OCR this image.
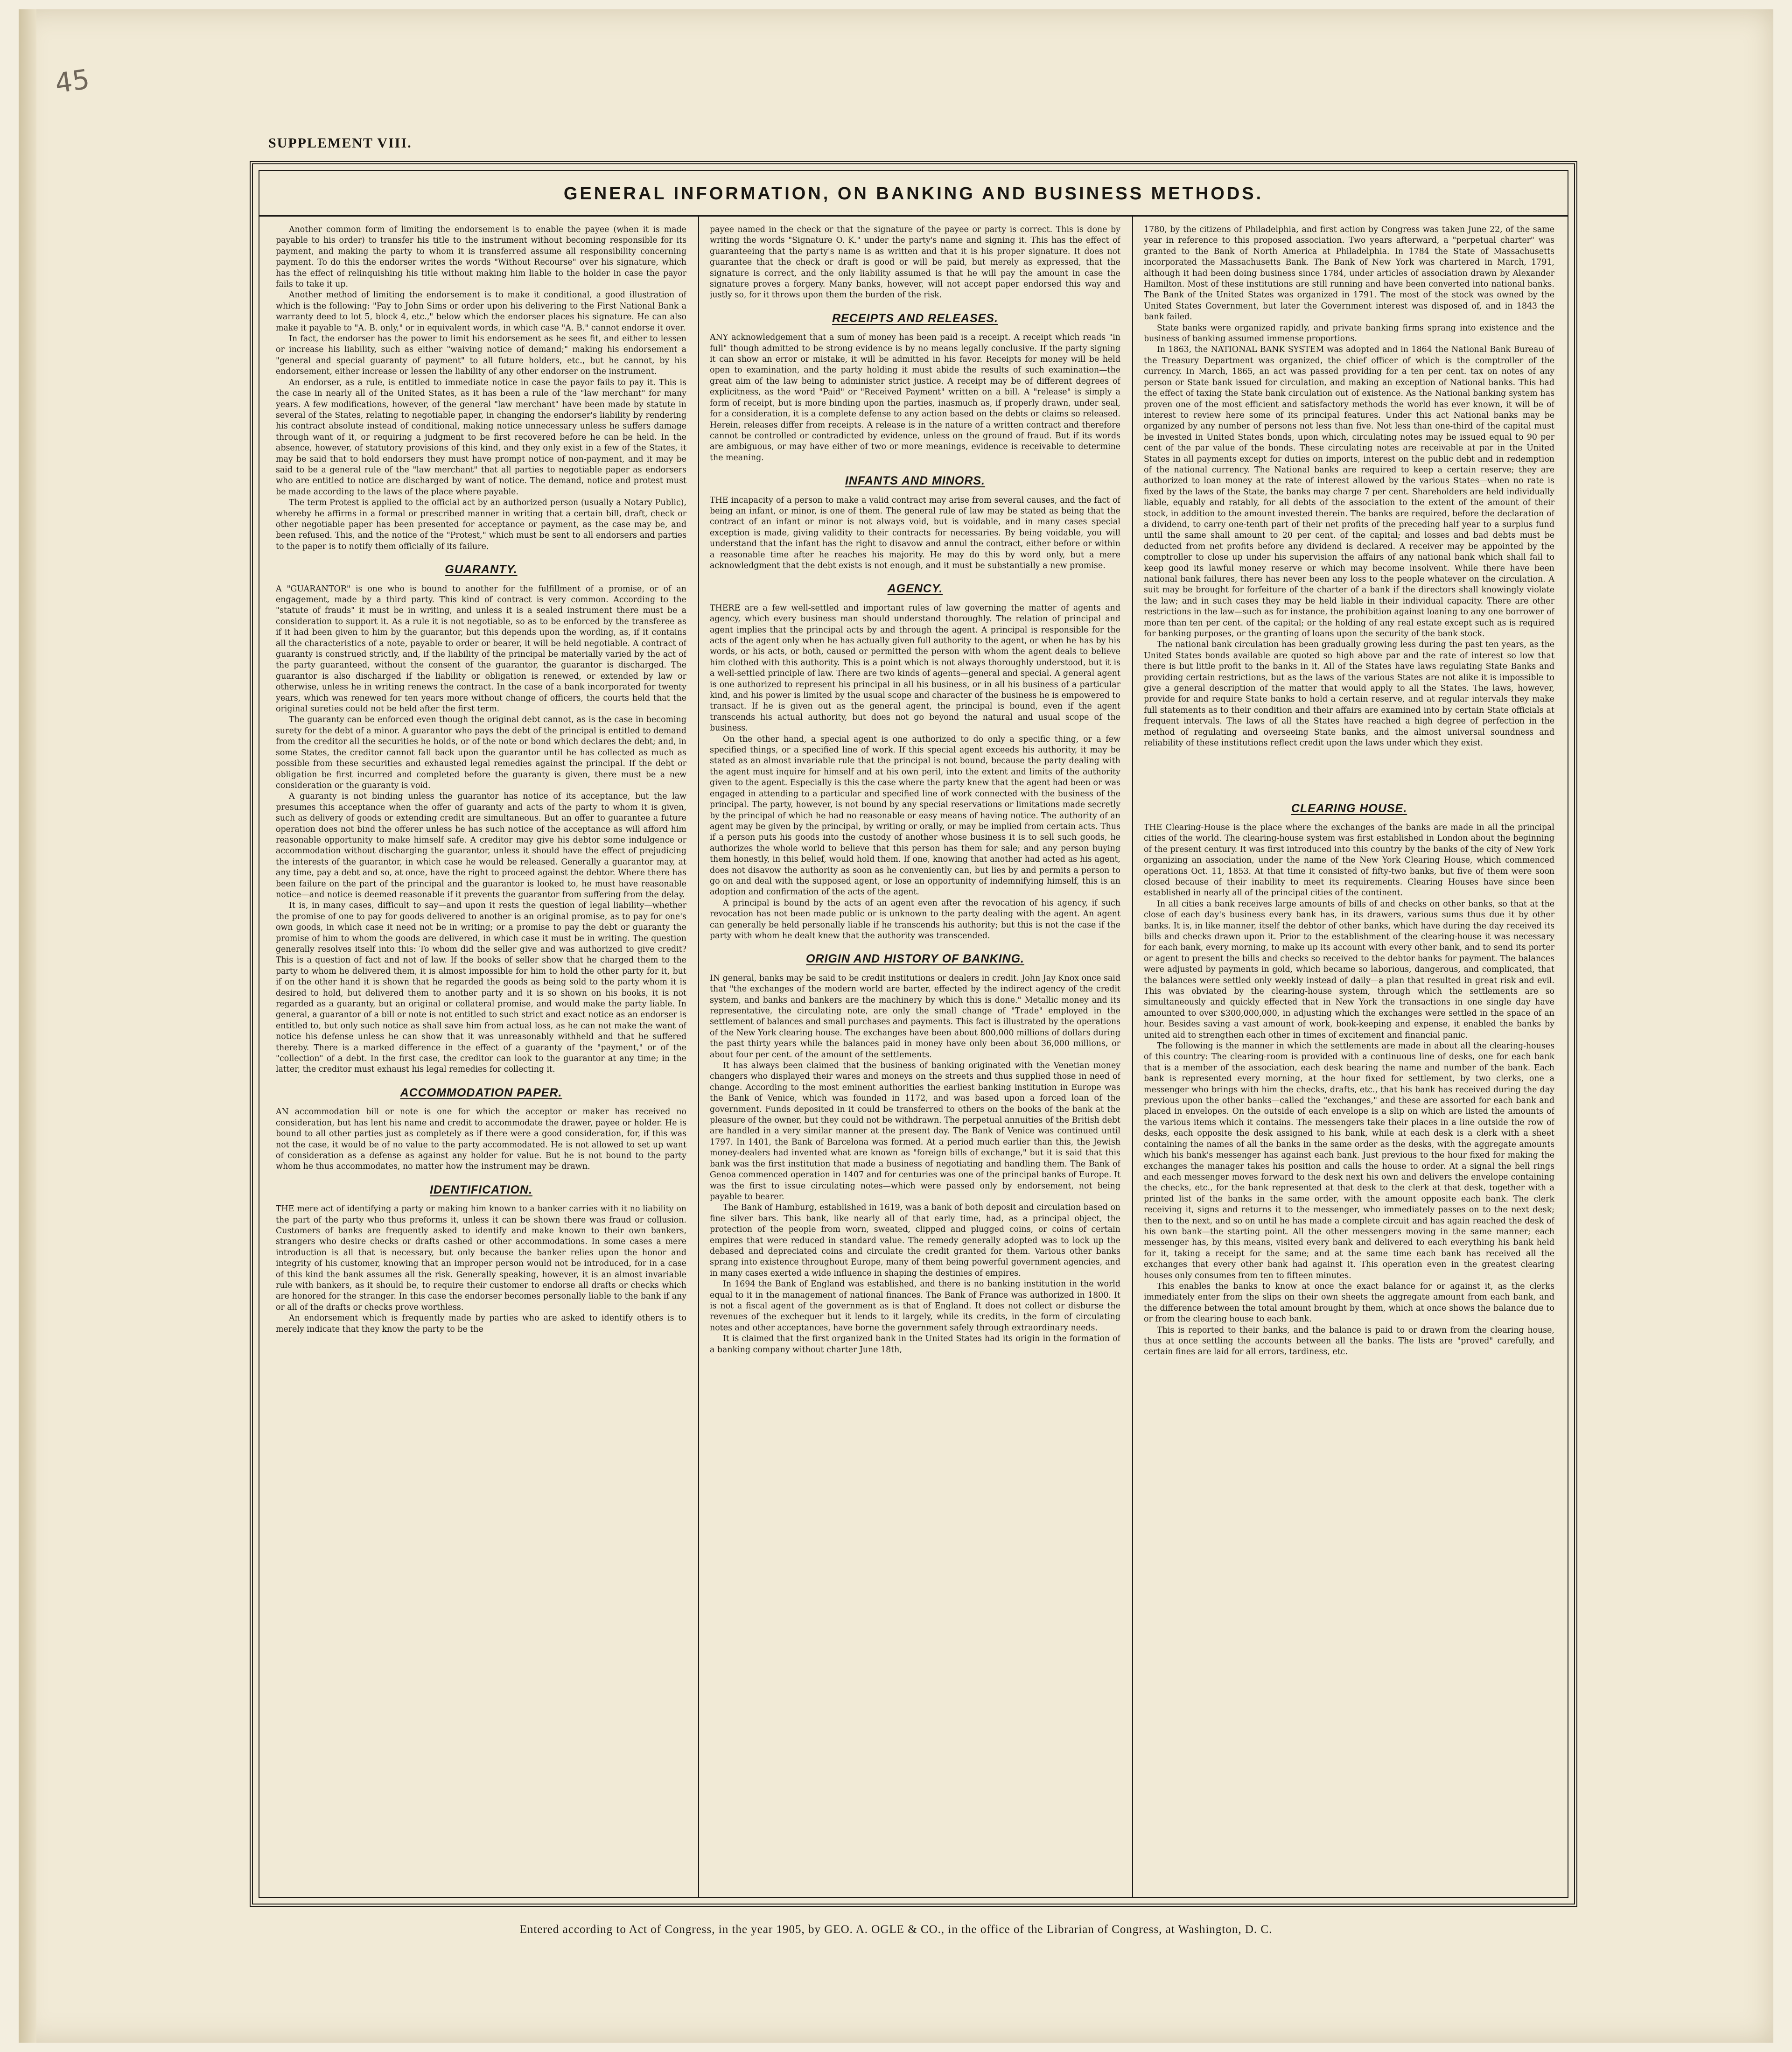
45
SUPPLEMENT VIII.
GENERAL INFORMATION, ON BANKING AND BUSINESS METHODS.

Another common form of limiting the endorsement is to enable the payee (when it is made payable to his order) to transfer his title to the instrument without becoming responsible for its payment, and making the party to whom it is transferred assume all responsibility concerning payment. To do this the endorser writes the words "Without Recourse" over his signature, which has the effect of relinquishing his title without making him liable to the holder in case the payor fails to take it up.

Another method of limiting the endorsement is to make it conditional, a good illustration of which is the following: "Pay to John Sims or order upon his delivering to the First National Bank a warranty deed to lot 5, block 4, etc.," below which the endorser places his signature. He can also make it payable to "A. B. only," or in equivalent words, in which case "A. B." cannot endorse it over.

In fact, the endorser has the power to limit his endorsement as he sees fit, and either to lessen or increase his liability, such as either "waiving notice of demand;" making his endorsement a "general and special guaranty of payment" to all future holders, etc., but he cannot, by his endorsement, either increase or lessen the liability of any other endorser on the instrument.

An endorser, as a rule, is entitled to immediate notice in case the payor fails to pay it. This is the case in nearly all of the United States, as it has been a rule of the "law merchant" for many years. A few modifications, however, of the general "law merchant" have been made by statute in several of the States, relating to negotiable paper, in changing the endorser's liability by rendering his contract absolute instead of conditional, making notice unnecessary unless he suffers damage through want of it, or requiring a judgment to be first recovered before he can be held. In the absence, however, of statutory provisions of this kind, and they only exist in a few of the States, it may be said that to hold endorsers they must have prompt notice of non-payment, and it may be said to be a general rule of the "law merchant" that all parties to negotiable paper as endorsers who are entitled to notice are discharged by want of notice. The demand, notice and protest must be made according to the laws of the place where payable.

The term Protest is applied to the official act by an authorized person (usually a Notary Public), whereby he affirms in a formal or prescribed manner in writing that a certain bill, draft, check or other negotiable paper has been presented for acceptance or payment, as the case may be, and been refused. This, and the notice of the "Protest," which must be sent to all endorsers and parties to the paper is to notify them officially of its failure.

GUARANTY.

A "GUARANTOR" is one who is bound to another for the fulfillment of a promise, or of an engagement, made by a third party. This kind of contract is very common. According to the "statute of frauds" it must be in writing, and unless it is a sealed instrument there must be a consideration to support it. As a rule it is not negotiable, so as to be enforced by the transferee as if it had been given to him by the guarantor, but this depends upon the wording, as, if it contains all the characteristics of a note, payable to order or bearer, it will be held negotiable. A contract of guaranty is construed strictly, and, if the liability of the principal be materially varied by the act of the party guaranteed, without the consent of the guarantor, the guarantor is discharged. The guarantor is also discharged if the liability or obligation is renewed, or extended by law or otherwise, unless he in writing renews the contract. In the case of a bank incorporated for twenty years, which was renewed for ten years more without change of officers, the courts held that the original sureties could not be held after the first term.

The guaranty can be enforced even though the original debt cannot, as is the case in becoming surety for the debt of a minor. A guarantor who pays the debt of the principal is entitled to demand from the creditor all the securities he holds, or of the note or bond which declares the debt; and, in some States, the creditor cannot fall back upon the guarantor until he has collected as much as possible from these securities and exhausted legal remedies against the principal. If the debt or obligation be first incurred and completed before the guaranty is given, there must be a new consideration or the guaranty is void.

A guaranty is not binding unless the guarantor has notice of its acceptance, but the law presumes this acceptance when the offer of guaranty and acts of the party to whom it is given, such as delivery of goods or extending credit are simultaneous. But an offer to guarantee a future operation does not bind the offerer unless he has such notice of the acceptance as will afford him reasonable opportunity to make himself safe. A creditor may give his debtor some indulgence or accommodation without discharging the guarantor, unless it should have the effect of prejudicing the interests of the guarantor, in which case he would be released. Generally a guarantor may, at any time, pay a debt and so, at once, have the right to proceed against the debtor. Where there has been failure on the part of the principal and the guarantor is looked to, he must have reasonable notice—and notice is deemed reasonable if it prevents the guarantor from suffering from the delay.

It is, in many cases, difficult to say—and upon it rests the question of legal liability—whether the promise of one to pay for goods delivered to another is an original promise, as to pay for one's own goods, in which case it need not be in writing; or a promise to pay the debt or guaranty the promise of him to whom the goods are delivered, in which case it must be in writing. The question generally resolves itself into this: To whom did the seller give and was authorized to give credit? This is a question of fact and not of law. If the books of seller show that he charged them to the party to whom he delivered them, it is almost impossible for him to hold the other party for it, but if on the other hand it is shown that he regarded the goods as being sold to the party whom it is desired to hold, but delivered them to another party and it is so shown on his books, it is not regarded as a guaranty, but an original or collateral promise, and would make the party liable. In general, a guarantor of a bill or note is not entitled to such strict and exact notice as an endorser is entitled to, but only such notice as shall save him from actual loss, as he can not make the want of notice his defense unless he can show that it was unreasonably withheld and that he suffered thereby. There is a marked difference in the effect of a guaranty of the "payment," or of the "collection" of a debt. In the first case, the creditor can look to the guarantor at any time; in the latter, the creditor must exhaust his legal remedies for collecting it.

ACCOMMODATION PAPER.

AN accommodation bill or note is one for which the acceptor or maker has received no consideration, but has lent his name and credit to accommodate the drawer, payee or holder. He is bound to all other parties just as completely as if there were a good consideration, for, if this was not the case, it would be of no value to the party accommodated. He is not allowed to set up want of consideration as a defense as against any holder for value. But he is not bound to the party whom he thus accommodates, no matter how the instrument may be drawn.

IDENTIFICATION.

THE mere act of identifying a party or making him known to a banker carries with it no liability on the part of the party who thus preforms it, unless it can be shown there was fraud or collusion. Customers of banks are frequently asked to identify and make known to their own bankers, strangers who desire checks or drafts cashed or other accommodations. In some cases a mere introduction is all that is necessary, but only because the banker relies upon the honor and integrity of his customer, knowing that an improper person would not be introduced, for in a case of this kind the bank assumes all the risk. Generally speaking, however, it is an almost invariable rule with bankers, as it should be, to require their customer to endorse all drafts or checks which are honored for the stranger. In this case the endorser becomes personally liable to the bank if any or all of the drafts or checks prove worthless.

An endorsement which is frequently made by parties who are asked to identify others is to merely indicate that they know the party to be the

payee named in the check or that the signature of the payee or party is correct. This is done by writing the words "Signature O. K." under the party's name and signing it. This has the effect of guaranteeing that the party's name is as written and that it is his proper signature. It does not guarantee that the check or draft is good or will be paid, but merely as expressed, that the signature is correct, and the only liability assumed is that he will pay the amount in case the signature proves a forgery. Many banks, however, will not accept paper endorsed this way and justly so, for it throws upon them the burden of the risk.

RECEIPTS AND RELEASES.

ANY acknowledgement that a sum of money has been paid is a receipt. A receipt which reads "in full" though admitted to be strong evidence is by no means legally conclusive. If the party signing it can show an error or mistake, it will be admitted in his favor. Receipts for money will be held open to examination, and the party holding it must abide the results of such examination—the great aim of the law being to administer strict justice. A receipt may be of different degrees of explicitness, as the word "Paid" or "Received Payment" written on a bill. A "release" is simply a form of receipt, but is more binding upon the parties, inasmuch as, if properly drawn, under seal, for a consideration, it is a complete defense to any action based on the debts or claims so released. Herein, releases differ from receipts. A release is in the nature of a written contract and therefore cannot be controlled or contradicted by evidence, unless on the ground of fraud. But if its words are ambiguous, or may have either of two or more meanings, evidence is receivable to determine the meaning.

INFANTS AND MINORS.

THE incapacity of a person to make a valid contract may arise from several causes, and the fact of being an infant, or minor, is one of them. The general rule of law may be stated as being that the contract of an infant or minor is not always void, but is voidable, and in many cases special exception is made, giving validity to their contracts for necessaries. By being voidable, you will understand that the infant has the right to disavow and annul the contract, either before or within a reasonable time after he reaches his majority. He may do this by word only, but a mere acknowledgment that the debt exists is not enough, and it must be substantially a new promise.

AGENCY.

THERE are a few well-settled and important rules of law governing the matter of agents and agency, which every business man should understand thoroughly. The relation of principal and agent implies that the principal acts by and through the agent. A principal is responsible for the acts of the agent only when he has actually given full authority to the agent, or when he has by his words, or his acts, or both, caused or permitted the person with whom the agent deals to believe him clothed with this authority. This is a point which is not always thoroughly understood, but it is a well-settled principle of law. There are two kinds of agents—general and special. A general agent is one authorized to represent his principal in all his business, or in all his business of a particular kind, and his power is limited by the usual scope and character of the business he is empowered to transact. If he is given out as the general agent, the principal is bound, even if the agent transcends his actual authority, but does not go beyond the natural and usual scope of the business.

On the other hand, a special agent is one authorized to do only a specific thing, or a few specified things, or a specified line of work. If this special agent exceeds his authority, it may be stated as an almost invariable rule that the principal is not bound, because the party dealing with the agent must inquire for himself and at his own peril, into the extent and limits of the authority given to the agent. Especially is this the case where the party knew that the agent had been or was engaged in attending to a particular and specified line of work connected with the business of the principal. The party, however, is not bound by any special reservations or limitations made secretly by the principal of which he had no reasonable or easy means of having notice. The authority of an agent may be given by the principal, by writing or orally, or may be implied from certain acts. Thus if a person puts his goods into the custody of another whose business it is to sell such goods, he authorizes the whole world to believe that this person has them for sale; and any person buying them honestly, in this belief, would hold them. If one, knowing that another had acted as his agent, does not disavow the authority as soon as he conveniently can, but lies by and permits a person to go on and deal with the supposed agent, or lose an opportunity of indemnifying himself, this is an adoption and confirmation of the acts of the agent.

A principal is bound by the acts of an agent even after the revocation of his agency, if such revocation has not been made public or is unknown to the party dealing with the agent. An agent can generally be held personally liable if he transcends his authority; but this is not the case if the party with whom he dealt knew that the authority was transcended.

ORIGIN AND HISTORY OF BANKING.

IN general, banks may be said to be credit institutions or dealers in credit. John Jay Knox once said that "the exchanges of the modern world are barter, effected by the indirect agency of the credit system, and banks and bankers are the machinery by which this is done." Metallic money and its representative, the circulating note, are only the small change of "Trade" employed in the settlement of balances and small purchases and payments. This fact is illustrated by the operations of the New York clearing house. The exchanges have been about 800,000 millions of dollars during the past thirty years while the balances paid in money have only been about 36,000 millions, or about four per cent. of the amount of the settlements.

It has always been claimed that the business of banking originated with the Venetian money changers who displayed their wares and moneys on the streets and thus supplied those in need of change. According to the most eminent authorities the earliest banking institution in Europe was the Bank of Venice, which was founded in 1172, and was based upon a forced loan of the government. Funds deposited in it could be transferred to others on the books of the bank at the pleasure of the owner, but they could not be withdrawn. The perpetual annuities of the British debt are handled in a very similar manner at the present day. The Bank of Venice was continued until 1797. In 1401, the Bank of Barcelona was formed. At a period much earlier than this, the Jewish money-dealers had invented what are known as "foreign bills of exchange," but it is said that this bank was the first institution that made a business of negotiating and handling them. The Bank of Genoa commenced operation in 1407 and for centuries was one of the principal banks of Europe. It was the first to issue circulating notes—which were passed only by endorsement, not being payable to bearer.

The Bank of Hamburg, established in 1619, was a bank of both deposit and circulation based on fine silver bars. This bank, like nearly all of that early time, had, as a principal object, the protection of the people from worn, sweated, clipped and plugged coins, or coins of certain empires that were reduced in standard value. The remedy generally adopted was to lock up the debased and depreciated coins and circulate the credit granted for them. Various other banks sprang into existence throughout Europe, many of them being powerful government agencies, and in many cases exerted a wide influence in shaping the destinies of empires.

In 1694 the Bank of England was established, and there is no banking institution in the world equal to it in the management of national finances. The Bank of France was authorized in 1800. It is not a fiscal agent of the government as is that of England. It does not collect or disburse the revenues of the exchequer but it lends to it largely, while its credits, in the form of circulating notes and other acceptances, have borne the government safely through extraordinary needs.

It is claimed that the first organized bank in the United States had its origin in the formation of a banking company without charter June 18th,

1780, by the citizens of Philadelphia, and first action by Congress was taken June 22, of the same year in reference to this proposed association. Two years afterward, a "perpetual charter" was granted to the Bank of North America at Philadelphia. In 1784 the State of Massachusetts incorporated the Massachusetts Bank. The Bank of New York was chartered in March, 1791, although it had been doing business since 1784, under articles of association drawn by Alexander Hamilton. Most of these institutions are still running and have been converted into national banks. The Bank of the United States was organized in 1791. The most of the stock was owned by the United States Government, but later the Government interest was disposed of, and in 1843 the bank failed.

State banks were organized rapidly, and private banking firms sprang into existence and the business of banking assumed immense proportions.

In 1863, the NATIONAL BANK SYSTEM was adopted and in 1864 the National Bank Bureau of the Treasury Department was organized, the chief officer of which is the comptroller of the currency. In March, 1865, an act was passed providing for a ten per cent. tax on notes of any person or State bank issued for circulation, and making an exception of National banks. This had the effect of taxing the State bank circulation out of existence. As the National banking system has proven one of the most efficient and satisfactory methods the world has ever known, it will be of interest to review here some of its principal features. Under this act National banks may be organized by any number of persons not less than five. Not less than one-third of the capital must be invested in United States bonds, upon which, circulating notes may be issued equal to 90 per cent of the par value of the bonds. These circulating notes are receivable at par in the United States in all payments except for duties on imports, interest on the public debt and in redemption of the national currency. The National banks are required to keep a certain reserve; they are authorized to loan money at the rate of interest allowed by the various States—when no rate is fixed by the laws of the State, the banks may charge 7 per cent. Shareholders are held individually liable, equably and ratably, for all debts of the association to the extent of the amount of their stock, in addition to the amount invested therein. The banks are required, before the declaration of a dividend, to carry one-tenth part of their net profits of the preceding half year to a surplus fund until the same shall amount to 20 per cent. of the capital; and losses and bad debts must be deducted from net profits before any dividend is declared. A receiver may be appointed by the comptroller to close up under his supervision the affairs of any national bank which shall fail to keep good its lawful money reserve or which may become insolvent. While there have been national bank failures, there has never been any loss to the people whatever on the circulation. A suit may be brought for forfeiture of the charter of a bank if the directors shall knowingly violate the law; and in such cases they may be held liable in their individual capacity. There are other restrictions in the law—such as for instance, the prohibition against loaning to any one borrower of more than ten per cent. of the capital; or the holding of any real estate except such as is required for banking purposes, or the granting of loans upon the security of the bank stock.

The national bank circulation has been gradually growing less during the past ten years, as the United States bonds available are quoted so high above par and the rate of interest so low that there is but little profit to the banks in it. All of the States have laws regulating State Banks and providing certain restrictions, but as the laws of the various States are not alike it is impossible to give a general description of the matter that would apply to all the States. The laws, however, provide for and require State banks to hold a certain reserve, and at regular intervals they make full statements as to their condition and their affairs are examined into by certain State officials at frequent intervals. The laws of all the States have reached a high degree of perfection in the method of regulating and overseeing State banks, and the almost universal soundness and reliability of these institutions reflect credit upon the laws under which they exist.

CLEARING HOUSE.

THE Clearing-House is the place where the exchanges of the banks are made in all the principal cities of the world. The clearing-house system was first established in London about the beginning of the present century. It was first introduced into this country by the banks of the city of New York organizing an association, under the name of the New York Clearing House, which commenced operations Oct. 11, 1853. At that time it consisted of fifty-two banks, but five of them were soon closed because of their inability to meet its requirements. Clearing Houses have since been established in nearly all of the principal cities of the continent.

In all cities a bank receives large amounts of bills of and checks on other banks, so that at the close of each day's business every bank has, in its drawers, various sums thus due it by other banks. It is, in like manner, itself the debtor of other banks, which have during the day received its bills and checks drawn upon it. Prior to the establishment of the clearing-house it was necessary for each bank, every morning, to make up its account with every other bank, and to send its porter or agent to present the bills and checks so received to the debtor banks for payment. The balances were adjusted by payments in gold, which became so laborious, dangerous, and complicated, that the balances were settled only weekly instead of daily—a plan that resulted in great risk and evil. This was obviated by the clearing-house system, through which the settlements are so simultaneously and quickly effected that in New York the transactions in one single day have amounted to over $300,000,000, in adjusting which the exchanges were settled in the space of an hour. Besides saving a vast amount of work, book-keeping and expense, it enabled the banks by united aid to strengthen each other in times of excitement and financial panic.

The following is the manner in which the settlements are made in about all the clearing-houses of this country: The clearing-room is provided with a continuous line of desks, one for each bank that is a member of the association, each desk bearing the name and number of the bank. Each bank is represented every morning, at the hour fixed for settlement, by two clerks, one a messenger who brings with him the checks, drafts, etc., that his bank has received during the day previous upon the other banks—called the "exchanges," and these are assorted for each bank and placed in envelopes. On the outside of each envelope is a slip on which are listed the amounts of the various items which it contains. The messengers take their places in a line outside the row of desks, each opposite the desk assigned to his bank, while at each desk is a clerk with a sheet containing the names of all the banks in the same order as the desks, with the aggregate amounts which his bank's messenger has against each bank. Just previous to the hour fixed for making the exchanges the manager takes his position and calls the house to order. At a signal the bell rings and each messenger moves forward to the desk next his own and delivers the envelope containing the checks, etc., for the bank represented at that desk to the clerk at that desk, together with a printed list of the banks in the same order, with the amount opposite each bank. The clerk receiving it, signs and returns it to the messenger, who immediately passes on to the next desk; then to the next, and so on until he has made a complete circuit and has again reached the desk of his own bank—the starting point. All the other messengers moving in the same manner; each messenger has, by this means, visited every bank and delivered to each everything his bank held for it, taking a receipt for the same; and at the same time each bank has received all the exchanges that every other bank had against it. This operation even in the greatest clearing houses only consumes from ten to fifteen minutes.

This enables the banks to know at once the exact balance for or against it, as the clerks immediately enter from the slips on their own sheets the aggregate amount from each bank, and the difference between the total amount brought by them, which at once shows the balance due to or from the clearing house to each bank.

This is reported to their banks, and the balance is paid to or drawn from the clearing house, thus at once settling the accounts between all the banks. The lists are "proved" carefully, and certain fines are laid for all errors, tardiness, etc.

Entered according to Act of Congress, in the year 1905, by GEO. A. OGLE & CO., in the office of the Librarian of Congress, at Washington, D. C.
